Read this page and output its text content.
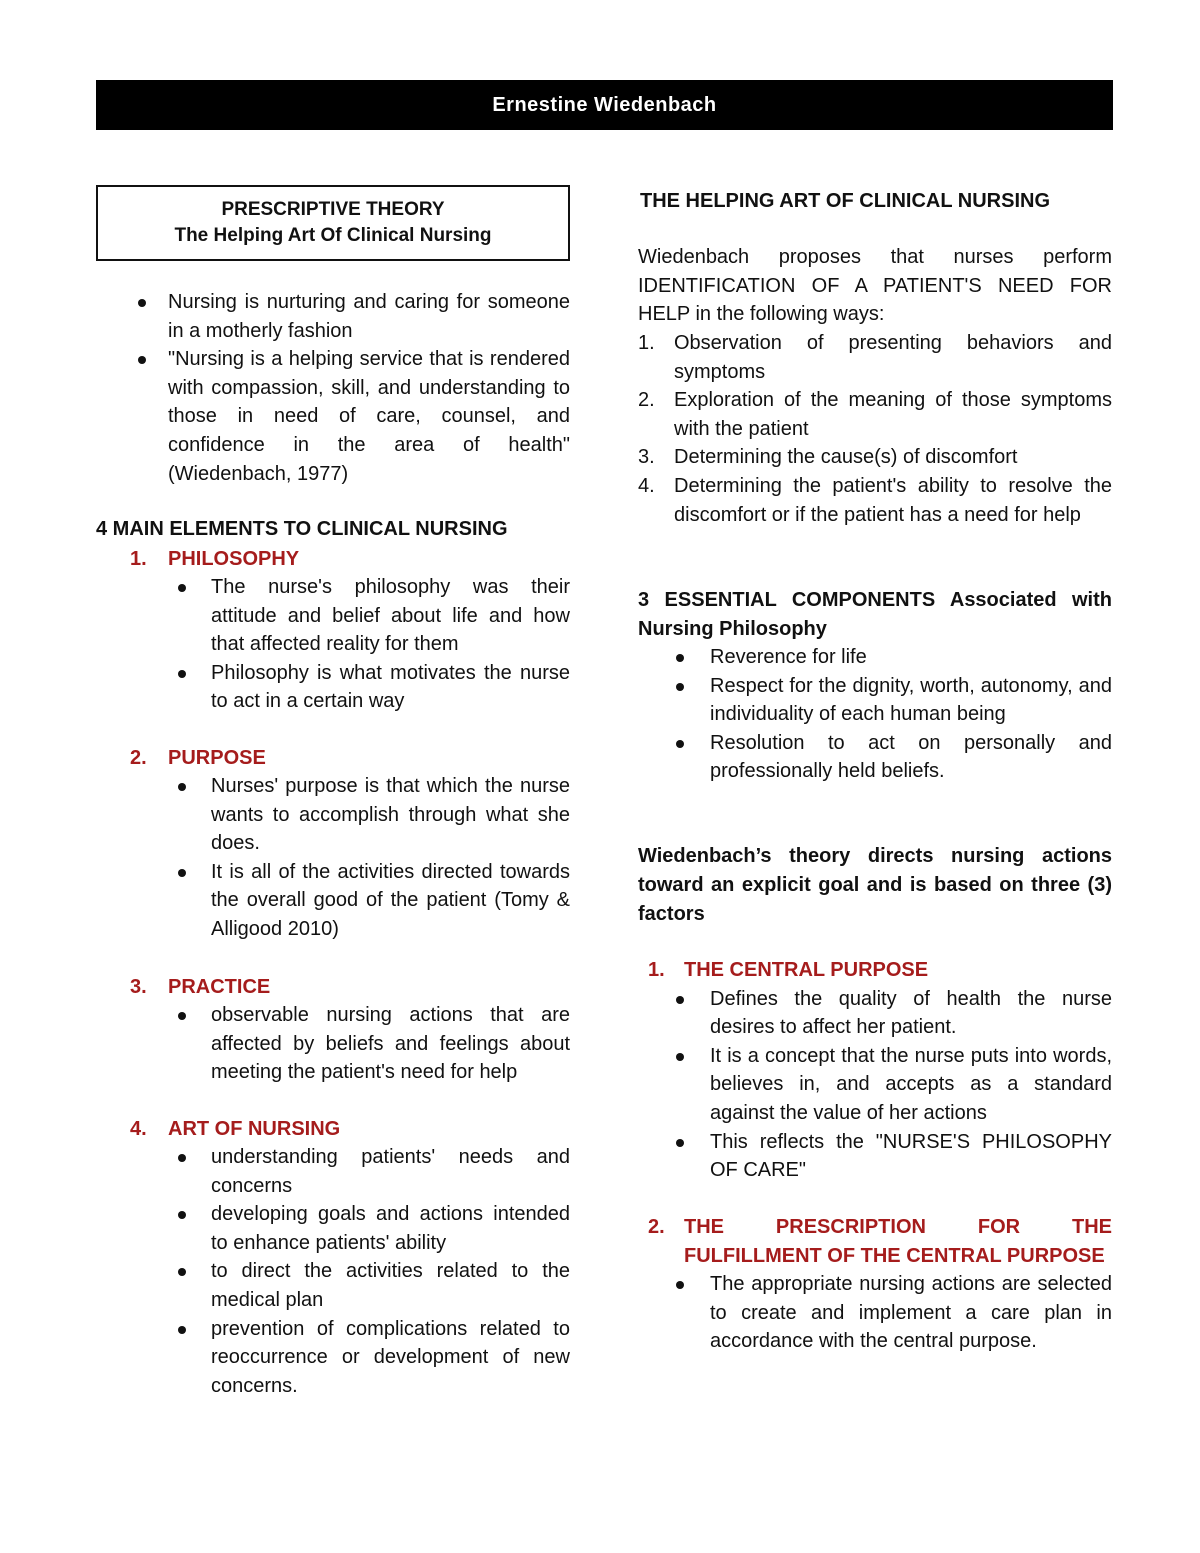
Ernestine Wiedenbach
PRESCRIPTIVE THEORY
The Helping Art Of Clinical Nursing
Nursing is nurturing and caring for someone in a motherly fashion
"Nursing is a helping service that is rendered with compassion, skill, and understanding to those in need of care, counsel, and confidence in the area of health" (Wiedenbach, 1977)
4 MAIN ELEMENTS TO CLINICAL NURSING
1. PHILOSOPHY
The nurse's philosophy was their attitude and belief about life and how that affected reality for them
Philosophy is what motivates the nurse to act in a certain way
2. PURPOSE
Nurses' purpose is that which the nurse wants to accomplish through what she does.
It is all of the activities directed towards the overall good of the patient (Tomy & Alligood 2010)
3. PRACTICE
observable nursing actions that are affected by beliefs and feelings about meeting the patient's need for help
4. ART OF NURSING
understanding patients' needs and concerns
developing goals and actions intended to enhance patients' ability
to direct the activities related to the medical plan
prevention of complications related to reoccurrence or development of new concerns.
THE HELPING ART OF CLINICAL NURSING
Wiedenbach proposes that nurses perform IDENTIFICATION OF A PATIENT'S NEED FOR HELP in the following ways:
1. Observation of presenting behaviors and symptoms
2. Exploration of the meaning of those symptoms with the patient
3. Determining the cause(s) of discomfort
4. Determining the patient's ability to resolve the discomfort or if the patient has a need for help
3 ESSENTIAL COMPONENTS Associated with Nursing Philosophy
Reverence for life
Respect for the dignity, worth, autonomy, and individuality of each human being
Resolution to act on personally and professionally held beliefs.
Wiedenbach’s theory directs nursing actions toward an explicit goal and is based on three (3) factors
1. THE CENTRAL PURPOSE
Defines the quality of health the nurse desires to affect her patient.
It is a concept that the nurse puts into words, believes in, and accepts as a standard against the value of her actions
This reflects the "NURSE'S PHILOSOPHY OF CARE"
2. THE PRESCRIPTION FOR THE FULFILLMENT OF THE CENTRAL PURPOSE
The appropriate nursing actions are selected to create and implement a care plan in accordance with the central purpose.
